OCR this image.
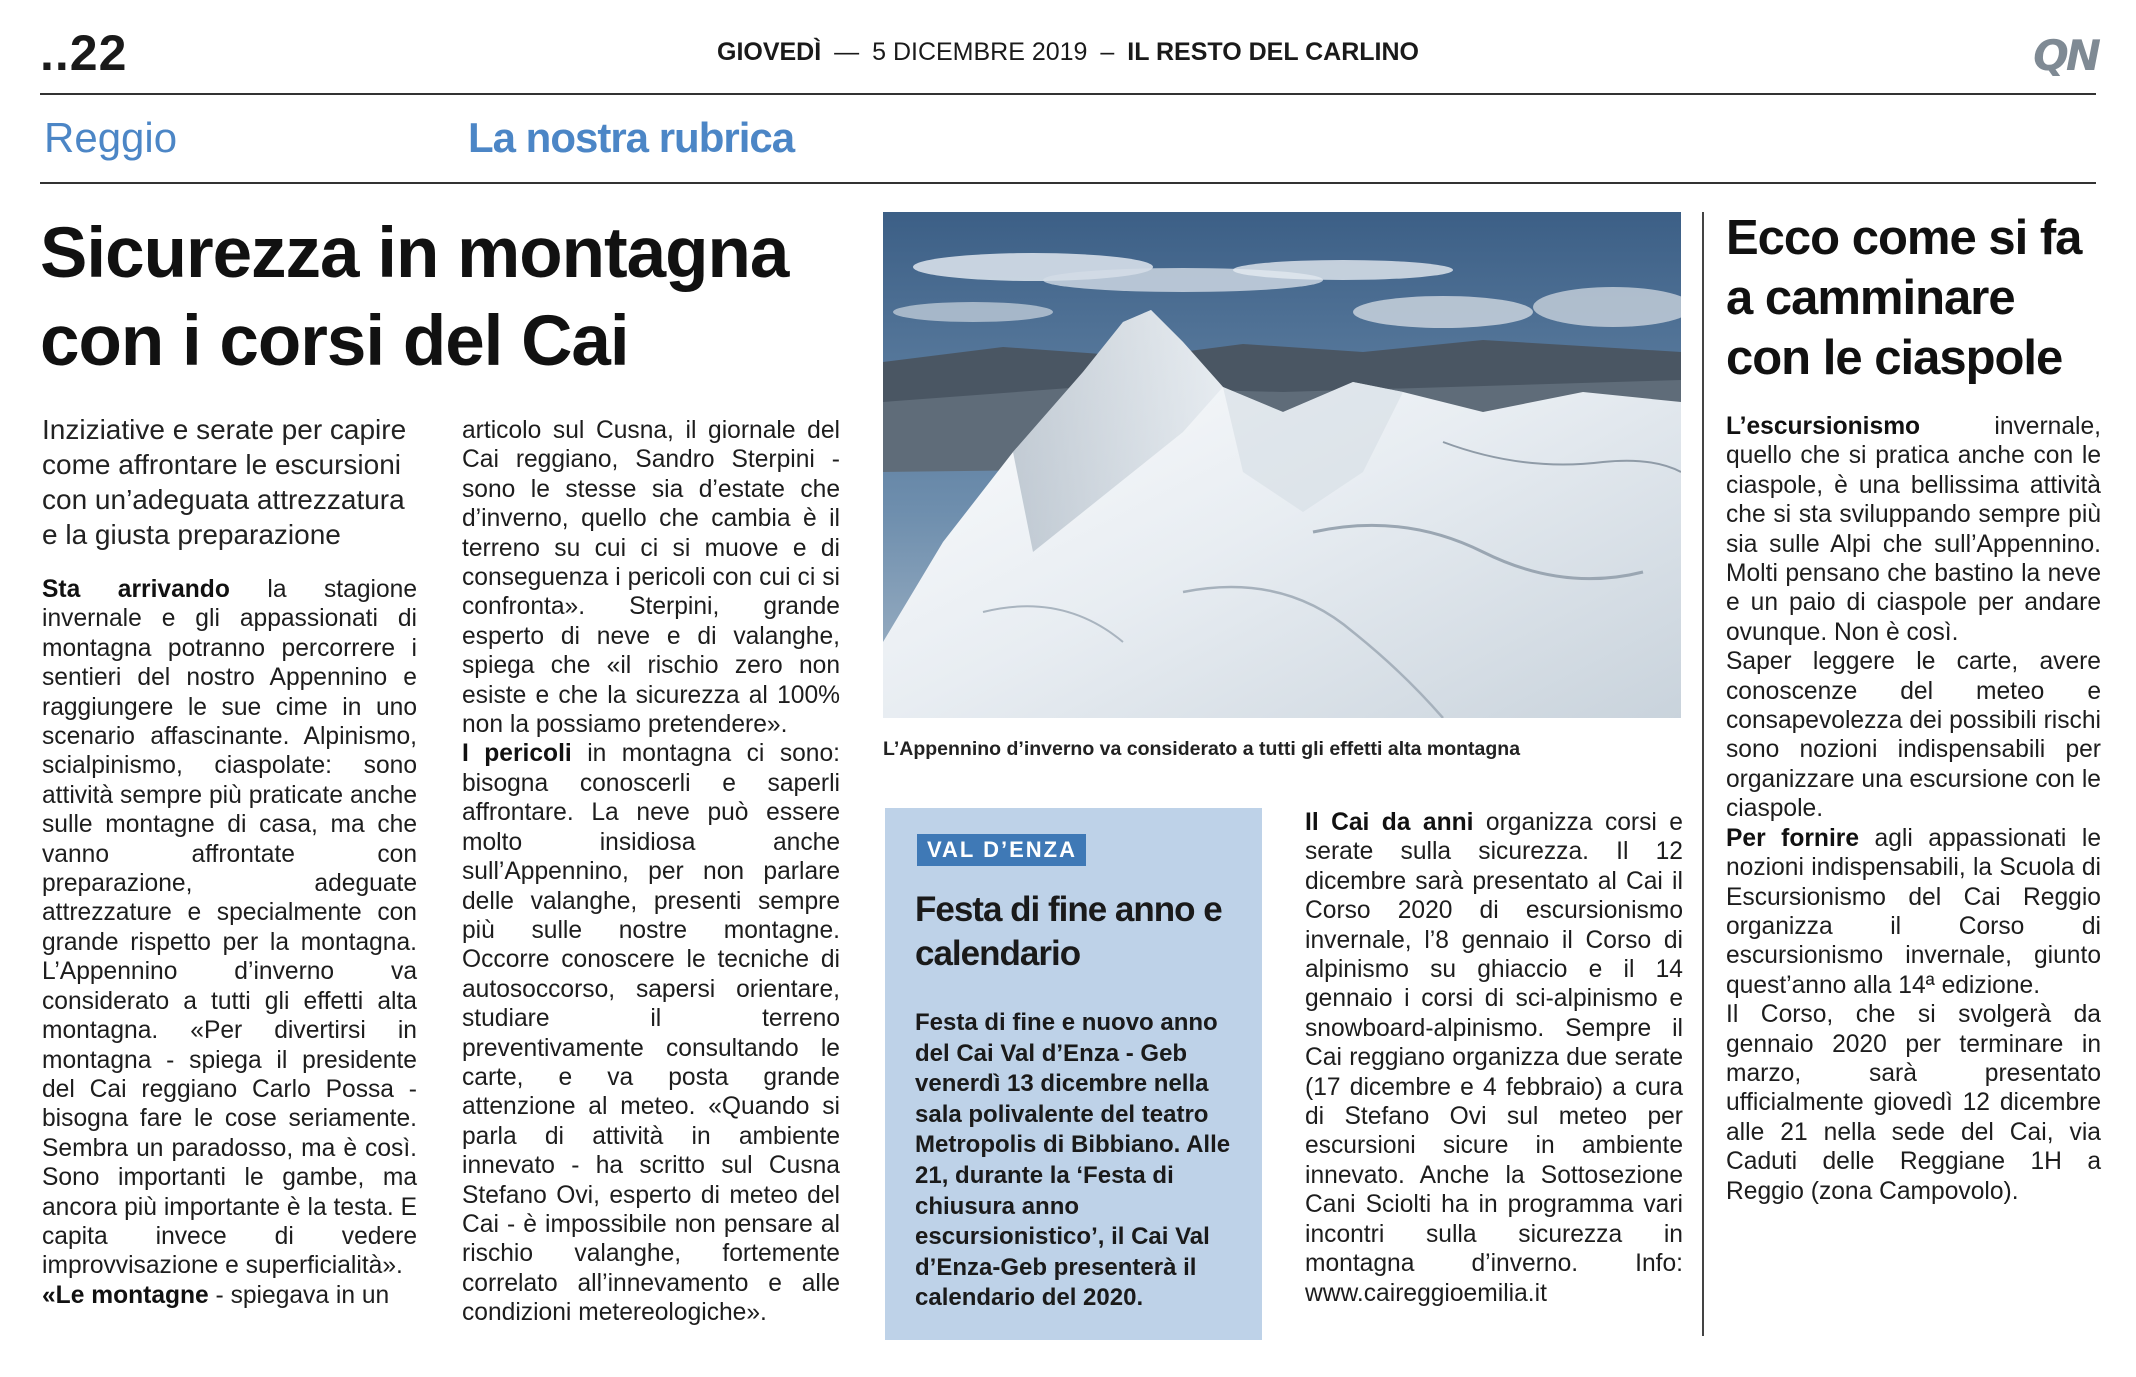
..22	GIOVEDÌ — 5 DICEMBRE 2019 – IL RESTO DEL CARLINO	QN
Reggio	La nostra rubrica
Sicurezza in montagna con i corsi del Cai
Inziziative e serate per capire come affrontare le escursioni con un’adeguata attrezzatura e la giusta preparazione

Sta arrivando la stagione invernale e gli appassionati di montagna potranno percorrere i sentieri del nostro Appennino e raggiungere le sue cime in uno scenario affascinante. Alpinismo, scialpinismo, ciaspolate: sono attività sempre più praticate anche sulle montagne di casa, ma che vanno affrontate con preparazione, adeguate attrezzature e specialmente con grande rispetto per la montagna. L’Appennino d’inverno va considerato a tutti gli effetti alta montagna. «Per divertirsi in montagna - spiega il presidente del Cai reggiano Carlo Possa - bisogna fare le cose seriamente. Sembra un paradosso, ma è così. Sono importanti le gambe, ma ancora più importante è la testa. E capita invece di vedere improvvisazione e superficialità».

«Le montagne - spiegava in un

articolo sul Cusna, il giornale del Cai reggiano, Sandro Sterpini - sono le stesse sia d’estate che d’inverno, quello che cambia è il terreno su cui ci si muove e di conseguenza i pericoli con cui ci si confronta». Sterpini, grande esperto di neve e di valanghe, spiega che «il rischio zero non esiste e che la sicurezza al 100% non la possiamo pretendere».

I pericoli in montagna ci sono: bisogna conoscerli e saperli affrontare. La neve può essere molto insidiosa anche sull’Appennino, per non parlare delle valanghe, presenti sempre più sulle nostre montagne. Occorre conoscere le tecniche di autosoccorso, sapersi orientare, studiare il terreno preventivamente consultando le carte, e va posta grande attenzione al meteo. «Quando si parla di attività in ambiente innevato - ha scritto sul Cusna Stefano Ovi, esperto di meteo del Cai - è impossibile non pensare al rischio valanghe, fortemente correlato all’innevamento e alle condizioni metereologiche».

L’Appennino d’inverno va considerato a tutti gli effetti alta montagna
VAL D’ENZA
Festa di fine anno e calendario
Festa di fine e nuovo anno del Cai Val d’Enza - Geb venerdì 13 dicembre nella sala polivalente del teatro Metropolis di Bibbiano. Alle 21, durante la ‘Festa di chiusura anno escursionistico’, il Cai Val d’Enza-Geb presenterà il calendario del 2020.

Il Cai da anni organizza corsi e serate sulla sicurezza. Il 12 dicembre sarà presentato al Cai il Corso 2020 di escursionismo invernale, l’8 gennaio il Corso di alpinismo su ghiaccio e il 14 gennaio i corsi di sci-alpinismo e snowboard-alpinismo. Sempre il Cai reggiano organizza due serate (17 dicembre e 4 febbraio) a cura di Stefano Ovi sul meteo per escursioni sicure in ambiente innevato. Anche la Sottosezione Cani Sciolti ha in programma vari incontri sulla sicurezza in montagna d’inverno. Info: www.caireggioemilia.it

Ecco come si fa a camminare con le ciaspole

L’escursionismo invernale, quello che si pratica anche con le ciaspole, è una bellissima attività che si sta sviluppando sempre più sia sulle Alpi che sull’Appennino. Molti pensano che bastino la neve e un paio di ciaspole per andare ovunque. Non è così.

Saper leggere le carte, avere conoscenze del meteo e consapevolezza dei possibili rischi sono nozioni indispensabili per organizzare una escursione con le ciaspole.

Per fornire agli appassionati le nozioni indispensabili, la Scuola di Escursionismo del Cai Reggio organizza il Corso di escursionismo invernale, giunto quest’anno alla 14ª edizione.

Il Corso, che si svolgerà da gennaio 2020 per terminare in marzo, sarà presentato ufficialmente giovedì 12 dicembre alle 21 nella sede del Cai, via Caduti delle Reggiane 1H a Reggio (zona Campovolo).
